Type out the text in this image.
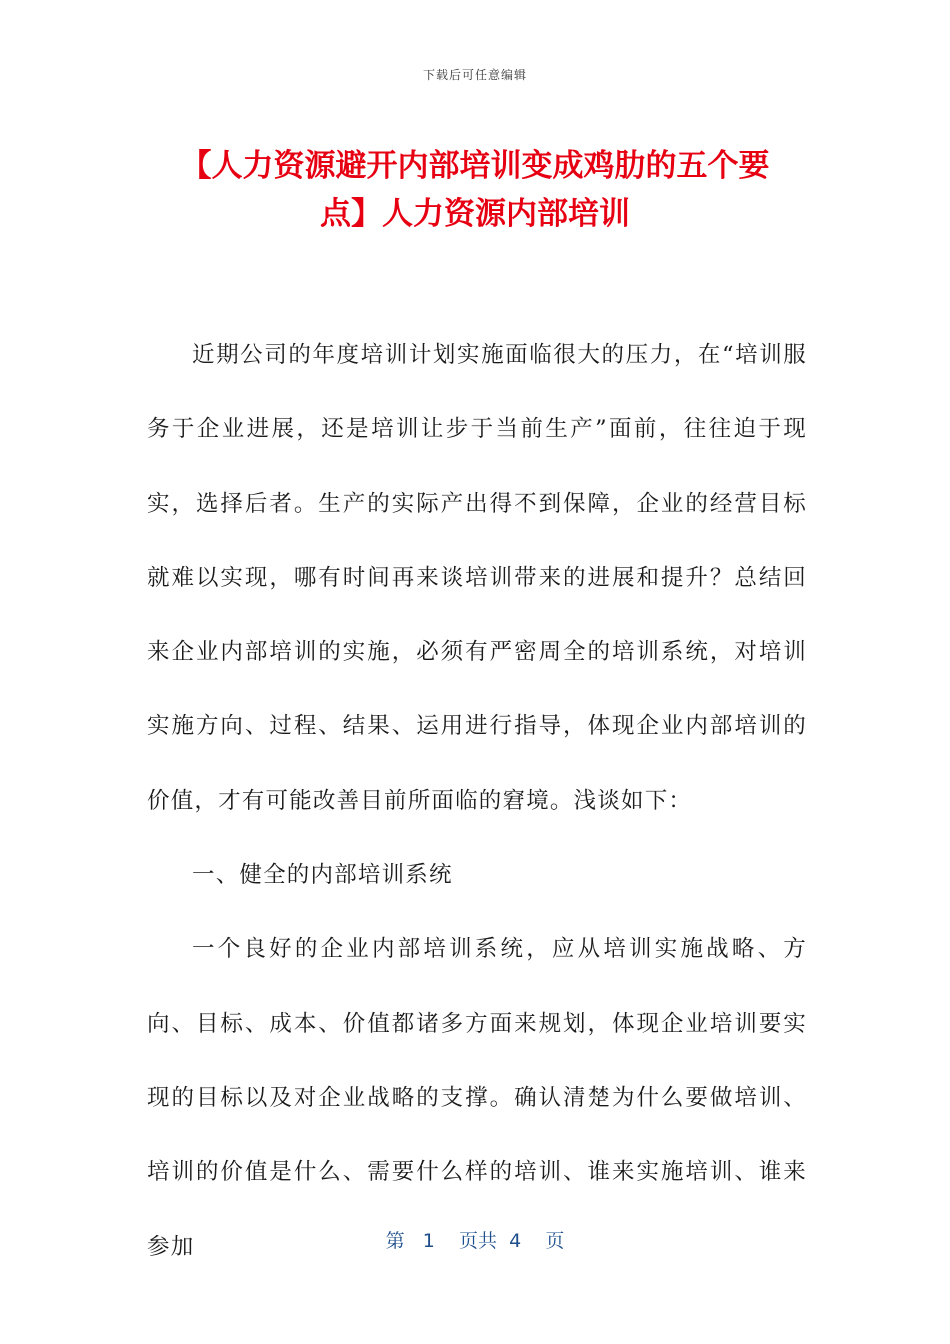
下载后可任意编辑
【人力资源避开内部培训变成鸡肋的五个要
点】人力资源内部培训

近期公司的年度培训计划实施面临很大的压力，在“培训服务于企业进展，还是培训让步于当前生产”面前，往往迫于现实，选择后者。生产的实际产出得不到保障，企业的经营目标就难以实现，哪有时间再来谈培训带来的进展和提升？总结回来企业内部培训的实施，必须有严密周全的培训系统，对培训实施方向、过程、结果、运用进行指导，体现企业内部培训的价值，才有可能改善目前所面临的窘境。浅谈如下：

一、健全的内部培训系统

一个良好的企业内部培训系统，应从培训实施战略、方向、目标、成本、价值都诸多方面来规划，体现企业培训要实现的目标以及对企业战略的支撑。确认清楚为什么要做培训、培训的价值是什么、需要什么样的培训、谁来实施培训、谁来参加	第 1 页共 4 页
